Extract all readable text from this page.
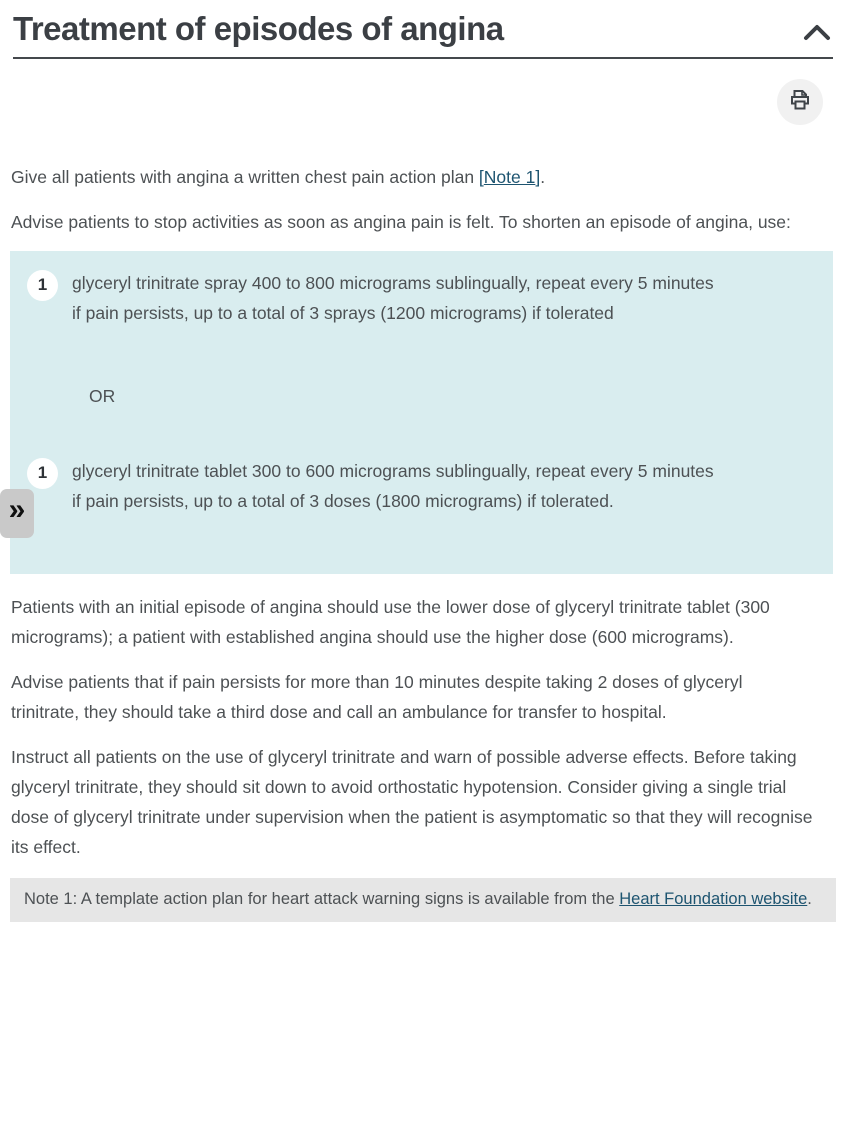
Treatment of episodes of angina

Give all patients with angina a written chest pain action plan [Note 1].

Advise patients to stop activities as soon as angina pain is felt. To shorten an episode of angina, use:

1	glyceryl trinitrate spray 400 to 800 micrograms sublingually, repeat every 5 minutes if pain persists, up to a total of 3 sprays (1200 micrograms) if tolerated
OR
1	glyceryl trinitrate tablet 300 to 600 micrograms sublingually, repeat every 5 minutes if pain persists, up to a total of 3 doses (1800 micrograms) if tolerated.

Patients with an initial episode of angina should use the lower dose of glyceryl trinitrate tablet (300 micrograms); a patient with established angina should use the higher dose (600 micrograms).

Advise patients that if pain persists for more than 10 minutes despite taking 2 doses of glyceryl trinitrate, they should take a third dose and call an ambulance for transfer to hospital.

Instruct all patients on the use of glyceryl trinitrate and warn of possible adverse effects. Before taking glyceryl trinitrate, they should sit down to avoid orthostatic hypotension. Consider giving a single trial dose of glyceryl trinitrate under supervision when the patient is asymptomatic so that they will recognise its effect.

Note 1: A template action plan for heart attack warning signs is available from the Heart Foundation website.
»
